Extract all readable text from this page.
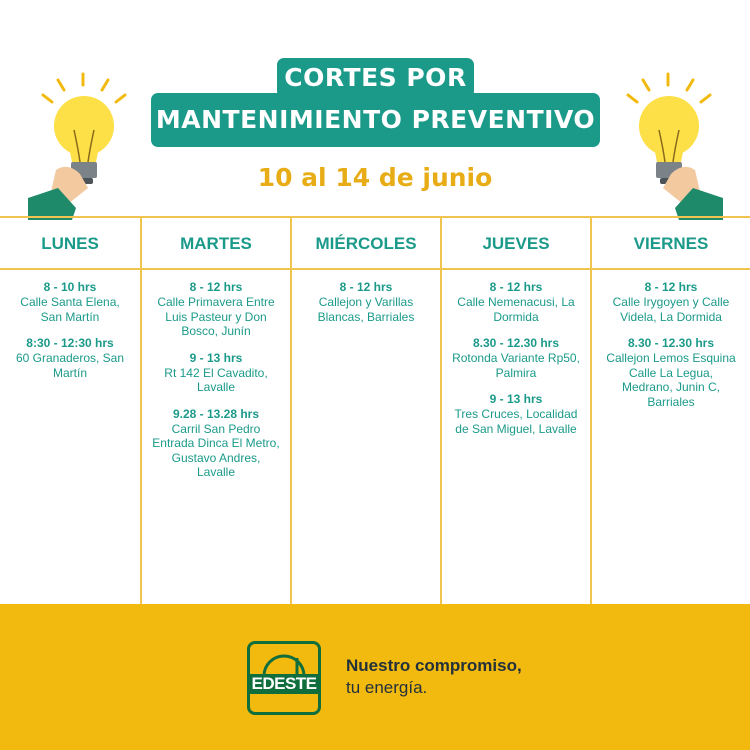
CORTES POR
MANTENIMIENTO PREVENTIVO
10 al 14 de junio
LUNES
8 - 10 hrs
Calle Santa Elena, San Martín
8:30 - 12:30 hrs
60 Granaderos, San Martín
MARTES
8 - 12 hrs
Calle Primavera Entre Luis Pasteur y Don Bosco, Junín
9 - 13 hrs
Rt 142 El Cavadito, Lavalle
9.28 - 13.28 hrs
Carril San Pedro Entrada Dinca El Metro, Gustavo Andres, Lavalle
MIÉRCOLES
8 - 12 hrs
Callejon y Varillas Blancas, Barriales
JUEVES
8 - 12 hrs
Calle Nemenacusi, La Dormida
8.30 - 12.30 hrs
Rotonda Variante Rp50, Palmira
9 - 13 hrs
Tres Cruces, Localidad de San Miguel, Lavalle
VIERNES
8 - 12 hrs
Calle Irygoyen y Calle Videla, La Dormida
8.30 - 12.30 hrs
Callejon Lemos Esquina Calle La Legua, Medrano, Junin C, Barriales
EDESTE
Nuestro compromiso,
tu energía.
